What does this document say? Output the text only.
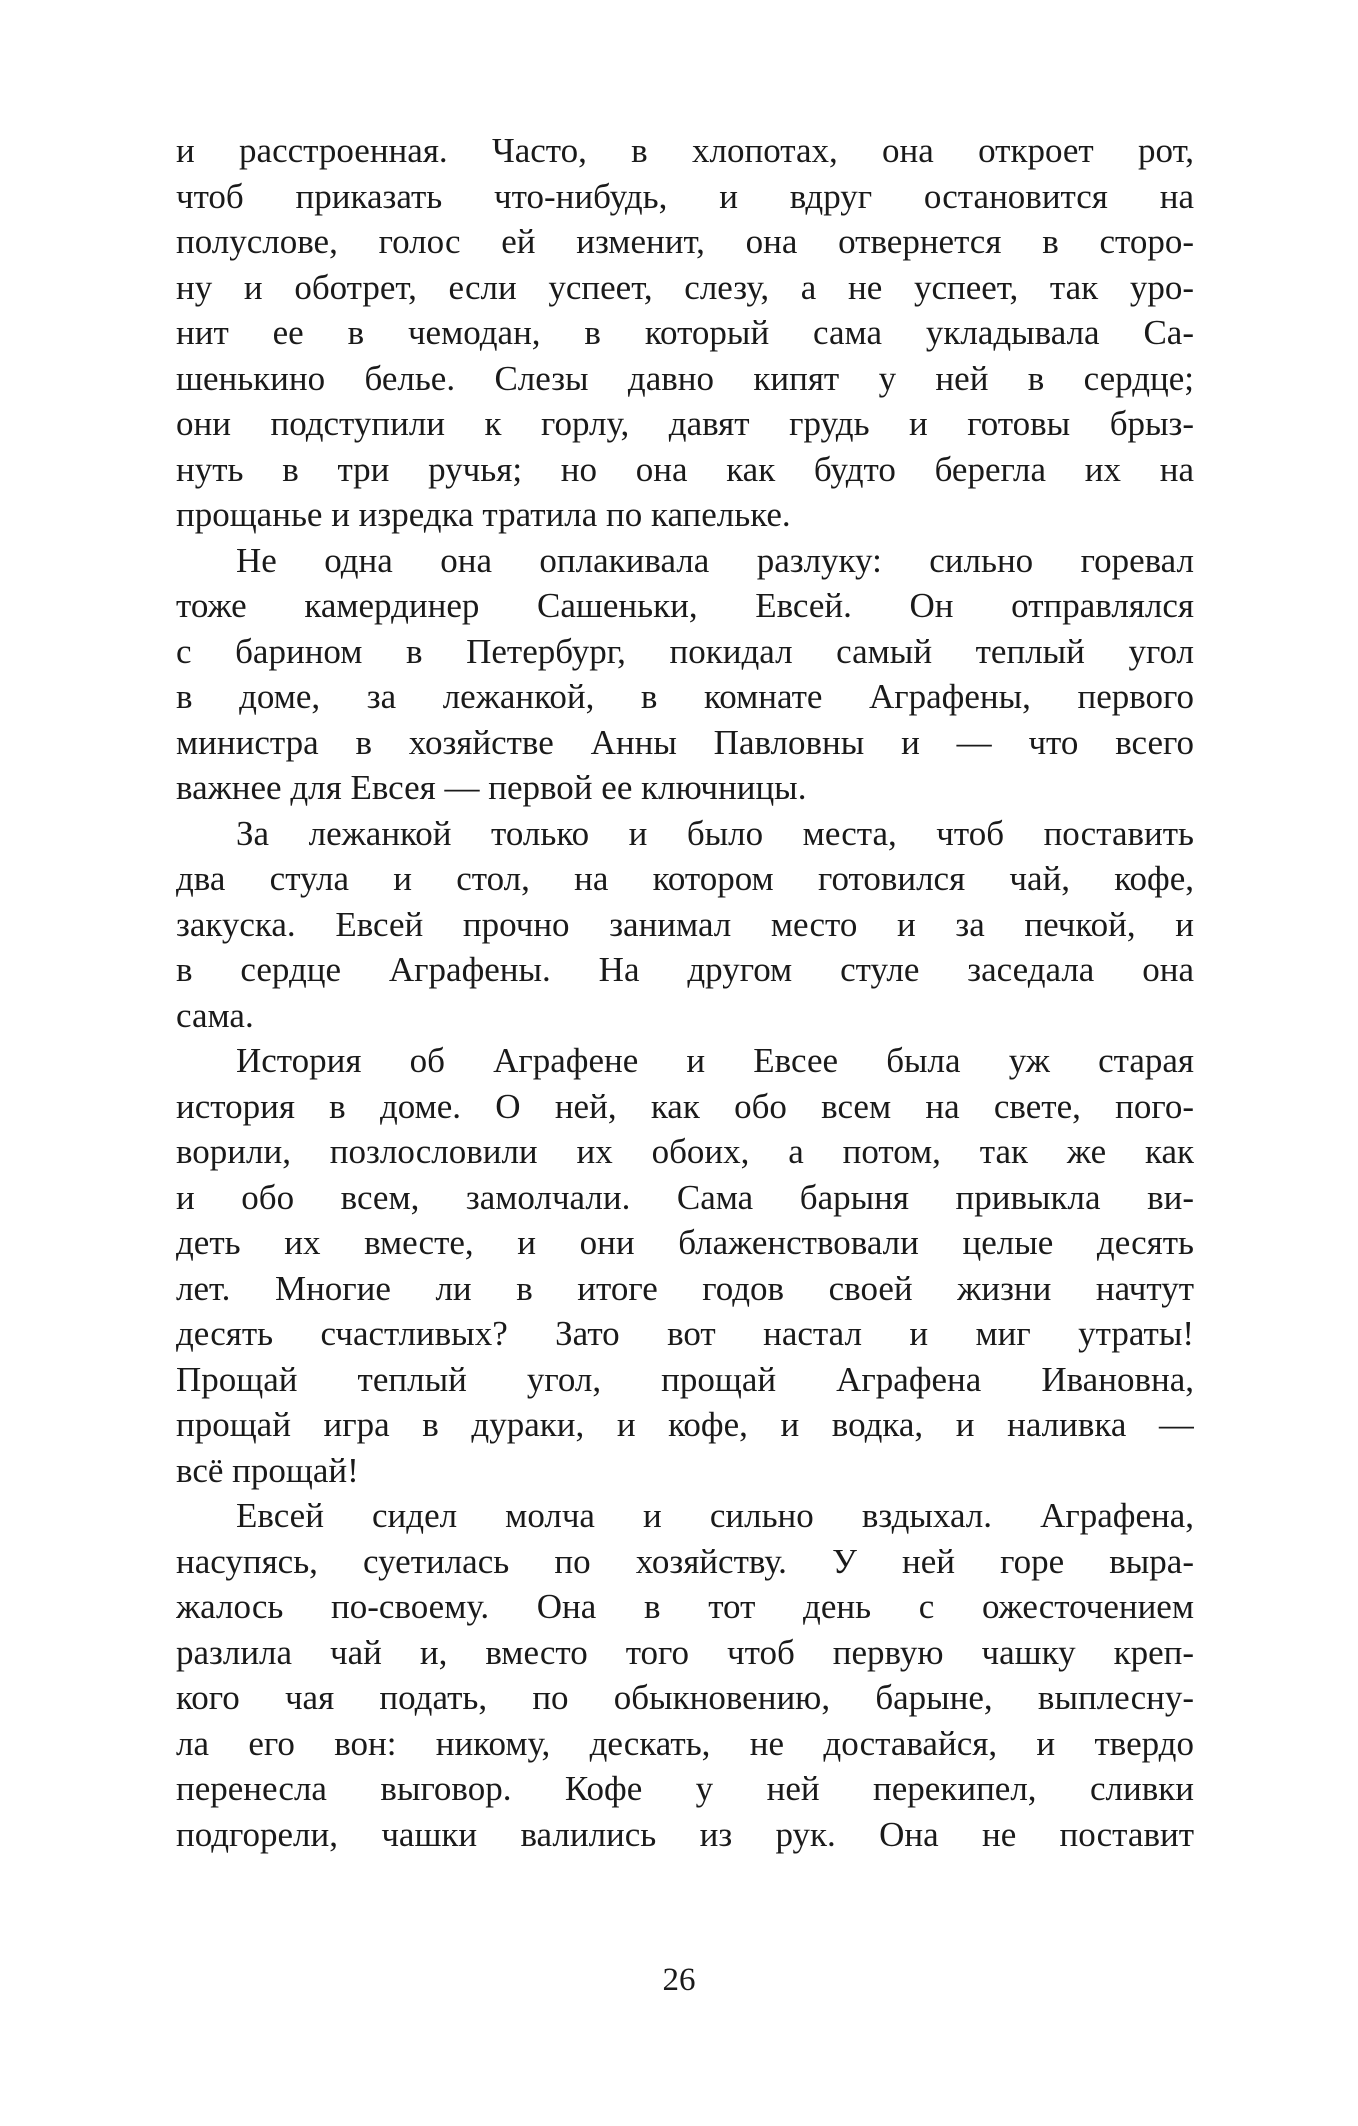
и расстроенная. Часто, в хлопотах, она откроет рот,
чтоб приказать что-нибудь, и вдруг остановится на
полуслове, голос ей изменит, она отвернется в сторо-
ну и оботрет, если успеет, слезу, а не успеет, так уро-
нит ее в чемодан, в который сама укладывала Са-
шенькино белье. Слезы давно кипят у ней в сердце;
они подступили к горлу, давят грудь и готовы брыз-
нуть в три ручья; но она как будто берегла их на
прощанье и изредка тратила по капельке.
Не одна она оплакивала разлуку: сильно горевал
тоже камердинер Сашеньки, Евсей. Он отправлялся
с барином в Петербург, покидал самый теплый угол
в доме, за лежанкой, в комнате Аграфены, первого
министра в хозяйстве Анны Павловны и — что всего
важнее для Евсея — первой ее ключницы.
За лежанкой только и было места, чтоб поставить
два стула и стол, на котором готовился чай, кофе,
закуска. Евсей прочно занимал место и за печкой, и
в сердце Аграфены. На другом стуле заседала она
сама.
История об Аграфене и Евсее была уж старая
история в доме. О ней, как обо всем на свете, пого-
ворили, позлословили их обоих, а потом, так же как
и обо всем, замолчали. Сама барыня привыкла ви-
деть их вместе, и они блаженствовали целые десять
лет. Многие ли в итоге годов своей жизни начтут
десять счастливых? Зато вот настал и миг утраты!
Прощай теплый угол, прощай Аграфена Ивановна,
прощай игра в дураки, и кофе, и водка, и наливка —
всё прощай!
Евсей сидел молча и сильно вздыхал. Аграфена,
насупясь, суетилась по хозяйству. У ней горе выра-
жалось по-своему. Она в тот день с ожесточением
разлила чай и, вместо того чтоб первую чашку креп-
кого чая подать, по обыкновению, барыне, выплесну-
ла его вон: никому, дескать, не доставайся, и твердо
перенесла выговор. Кофе у ней перекипел, сливки
подгорели, чашки валились из рук. Она не поставит
26
